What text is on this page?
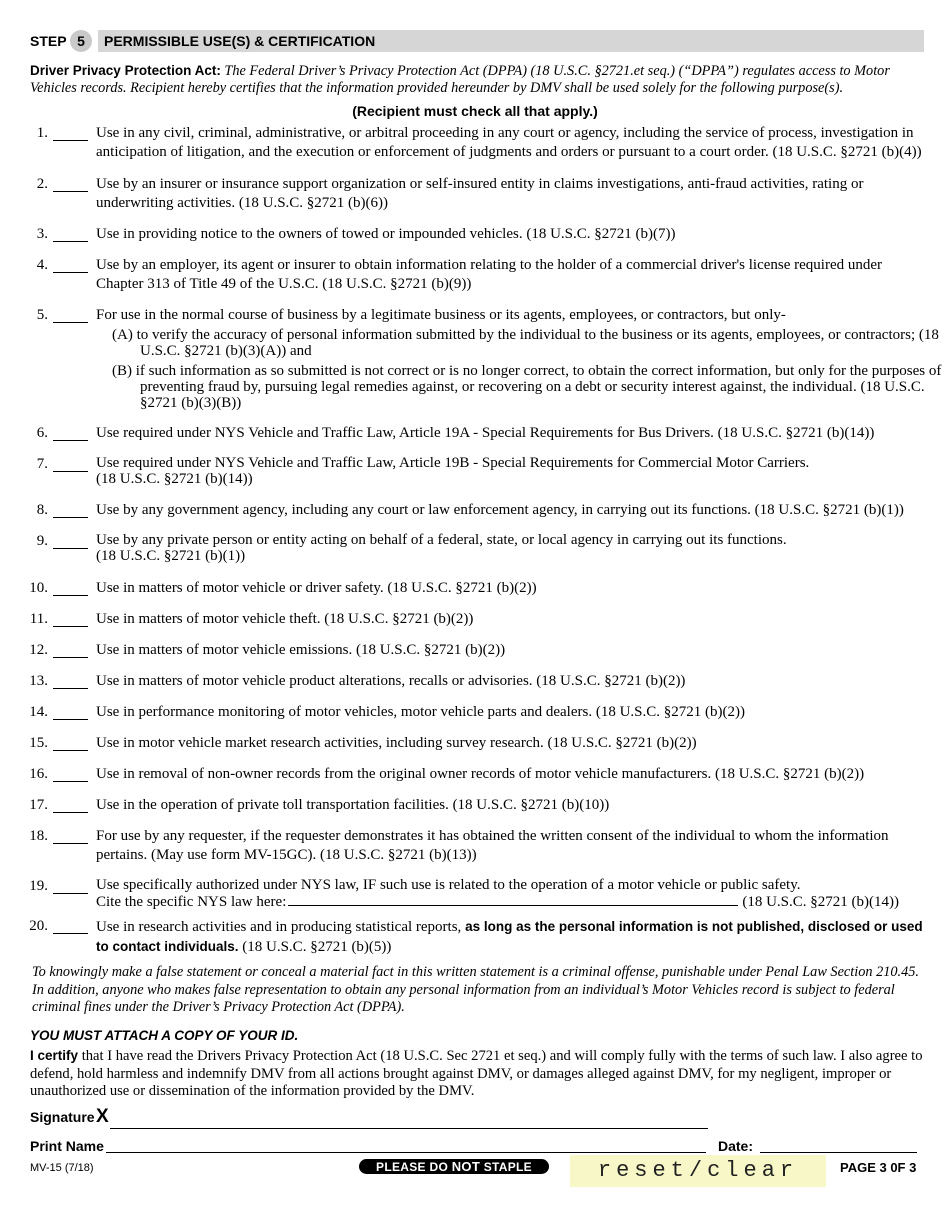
STEP 5	PERMISSIBLE USE(S) & CERTIFICATION
Driver Privacy Protection Act: The Federal Driver’s Privacy Protection Act (DPPA) (18 U.S.C. §2721.et seq.) (“DPPA”) regulates access to Motor Vehicles records. Recipient hereby certifies that the information provided hereunder by DMV shall be used solely for the following purpose(s).
(Recipient must check all that apply.)
1.	Use in any civil, criminal, administrative, or arbitral proceeding in any court or agency, including the service of process, investigation in anticipation of litigation, and the execution or enforcement of judgments and orders or pursuant to a court order. (18 U.S.C. §2721 (b)(4))
2.	Use by an insurer or insurance support organization or self-insured entity in claims investigations, anti-fraud activities, rating or underwriting activities. (18 U.S.C. §2721 (b)(6))
3.	Use in providing notice to the owners of towed or impounded vehicles. (18 U.S.C. §2721 (b)(7))
4.	Use by an employer, its agent or insurer to obtain information relating to the holder of a commercial driver's license required under Chapter 313 of Title 49 of the U.S.C. (18 U.S.C. §2721 (b)(9))
5.	For use in the normal course of business by a legitimate business or its agents, employees, or contractors, but only-
(A) to verify the accuracy of personal information submitted by the individual to the business or its agents, employees, or contractors; (18 U.S.C. §2721 (b)(3)(A)) and
(B) if such information as so submitted is not correct or is no longer correct, to obtain the correct information, but only for the purposes of preventing fraud by, pursuing legal remedies against, or recovering on a debt or security interest against, the individual. (18 U.S.C. §2721 (b)(3)(B))
6.	Use required under NYS Vehicle and Traffic Law, Article 19A - Special Requirements for Bus Drivers. (18 U.S.C. §2721 (b)(14))
7.	Use required under NYS Vehicle and Traffic Law, Article 19B - Special Requirements for Commercial Motor Carriers.
(18 U.S.C. §2721 (b)(14))
8.	Use by any government agency, including any court or law enforcement agency, in carrying out its functions. (18 U.S.C. §2721 (b)(1))
9.	Use by any private person or entity acting on behalf of a federal, state, or local agency in carrying out its functions.
(18 U.S.C. §2721 (b)(1))
10.	Use in matters of motor vehicle or driver safety. (18 U.S.C. §2721 (b)(2))
11.	Use in matters of motor vehicle theft. (18 U.S.C. §2721 (b)(2))
12.	Use in matters of motor vehicle emissions. (18 U.S.C. §2721 (b)(2))
13.	Use in matters of motor vehicle product alterations, recalls or advisories. (18 U.S.C. §2721 (b)(2))
14.	Use in performance monitoring of motor vehicles, motor vehicle parts and dealers. (18 U.S.C. §2721 (b)(2))
15.	Use in motor vehicle market research activities, including survey research. (18 U.S.C. §2721 (b)(2))
16.	Use in removal of non-owner records from the original owner records of motor vehicle manufacturers. (18 U.S.C. §2721 (b)(2))
17.	Use in the operation of private toll transportation facilities. (18 U.S.C. §2721 (b)(10))
18.	For use by any requester, if the requester demonstrates it has obtained the written consent of the individual to whom the information pertains. (May use form MV-15GC). (18 U.S.C. §2721 (b)(13))
19.	Use specifically authorized under NYS law, IF such use is related to the operation of a motor vehicle or public safety.
Cite the specific NYS law here:	(18 U.S.C. §2721 (b)(14))
20.	Use in research activities and in producing statistical reports, as long as the personal information is not published, disclosed or used to contact individuals. (18 U.S.C. §2721 (b)(5))
To knowingly make a false statement or conceal a material fact in this written statement is a criminal offense, punishable under Penal Law Section 210.45. In addition, anyone who makes false representation to obtain any personal information from an individual’s Motor Vehicles record is subject to federal criminal fines under the Driver’s Privacy Protection Act (DPPA).
YOU MUST ATTACH A COPY OF YOUR ID.
I certify that I have read the Drivers Privacy Protection Act (18 U.S.C. Sec 2721 et seq.) and will comply fully with the terms of such law. I also agree to defend, hold harmless and indemnify DMV from all actions brought against DMV, or damages alleged against DMV, for my negligent, improper or unauthorized use or dissemination of the information provided by the DMV.
Signature X
Print Name	Date:
MV-15 (7/18)	PLEASE DO NOT STAPLE	reset/clear	PAGE 3 0F 3
